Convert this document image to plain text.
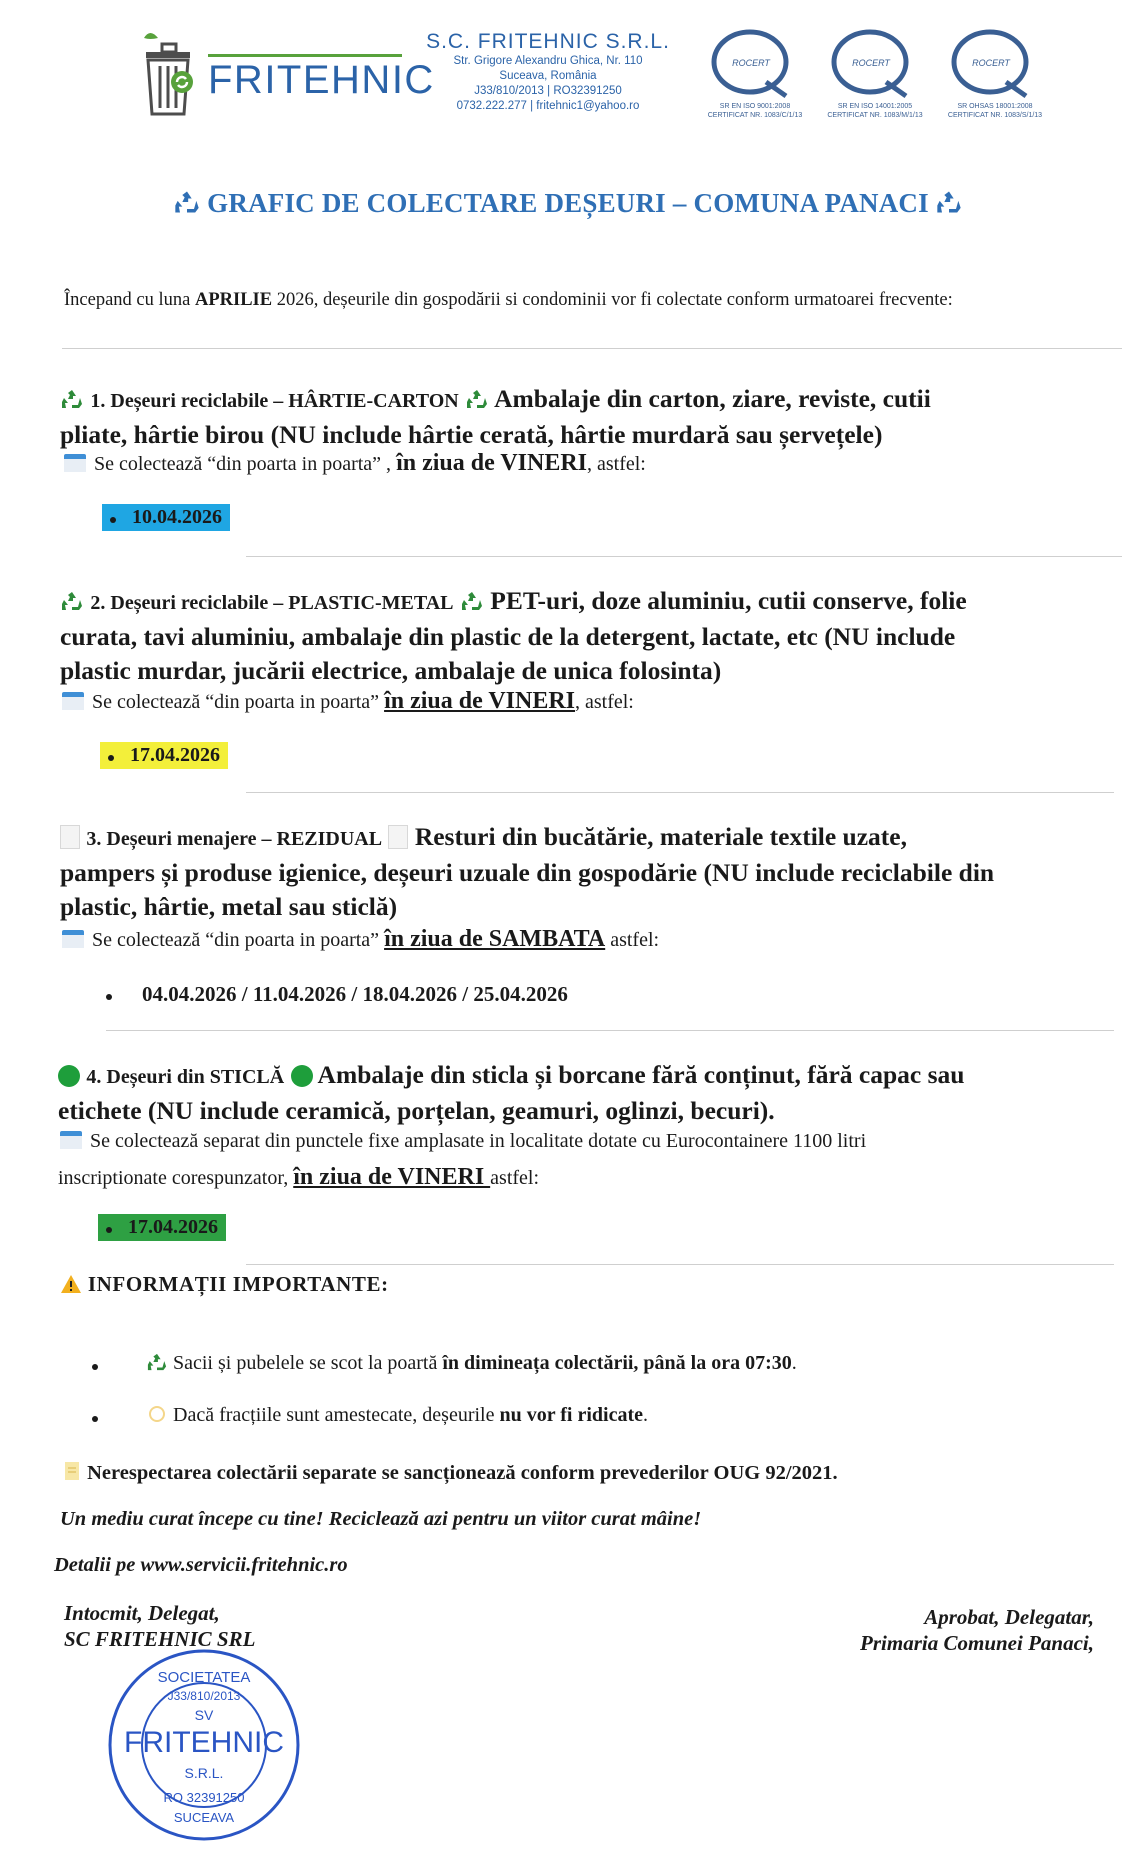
FRITEHNIC
S.C. FRITEHNIC S.R.L.
Str. Grigore Alexandru Ghica, Nr. 110
Suceava, România
J33/810/2013 | RO32391250
0732.222.277 | fritehnic1@yahoo.ro
ROCERT
SR EN ISO 9001:2008 CERTIFICAT NR. 1083/C/1/13
ROCERT
SR EN ISO 14001:2005 CERTIFICAT NR. 1083/M/1/13
ROCERT
SR OHSAS 18001:2008 CERTIFICAT NR. 1083/S/1/13
GRAFIC DE COLECTARE DEȘEURI – COMUNA PANACI
Începand cu luna APRILIE 2026, deșeurile din gospodării si condominii vor fi colectate conform urmatoarei frecvente:
1. Deșeuri reciclabile – HÂRTIE-CARTON Ambalaje din carton, ziare, reviste, cutii
pliate, hârtie birou (NU include hârtie cerată, hârtie murdară sau șervețele)
Se colectează “din poarta in poarta” , în ziua de VINERI, astfel:
10.04.2026
2. Deșeuri reciclabile – PLASTIC-METAL PET-uri, doze aluminiu, cutii conserve, folie
curata, tavi aluminiu, ambalaje din plastic de la detergent, lactate, etc (NU include
plastic murdar, jucării electrice, ambalaje de unica folosinta)
Se colectează “din poarta in poarta” în ziua de VINERI, astfel:
17.04.2026
3. Deșeuri menajere – REZIDUAL Resturi din bucătărie, materiale textile uzate,
pampers și produse igienice, deșeuri uzuale din gospodărie (NU include reciclabile din
plastic, hârtie, metal sau sticlă)
Se colectează “din poarta in poarta” în ziua de SAMBATA astfel:
04.04.2026 / 11.04.2026 / 18.04.2026 / 25.04.2026
4. Deșeuri din STICLĂ Ambalaje din sticla și borcane fără conținut, fără capac sau
etichete (NU include ceramică, porțelan, geamuri, oglinzi, becuri).
Se colectează separat din punctele fixe amplasate in localitate dotate cu Eurocontainere 1100 litri
inscriptionate corespunzator, în ziua de VINERI astfel:
17.04.2026
INFORMAȚII IMPORTANTE:
Sacii și pubelele se scot la poartă în dimineața colectării, până la ora 07:30.
Dacă fracțiile sunt amestecate, deșeurile nu vor fi ridicate.
Nerespectarea colectării separate se sancționează conform prevederilor OUG 92/2021.
Un mediu curat începe cu tine! Reciclează azi pentru un viitor curat mâine!
Detalii pe www.servicii.fritehnic.ro
Intocmit, Delegat,
SC FRITEHNIC SRL
Aprobat, Delegatar,
Primaria Comunei Panaci,
SOCIETATEA
J33/810/2013
SV
FRITEHNIC
S.R.L.
RO 32391250
SUCEAVA
